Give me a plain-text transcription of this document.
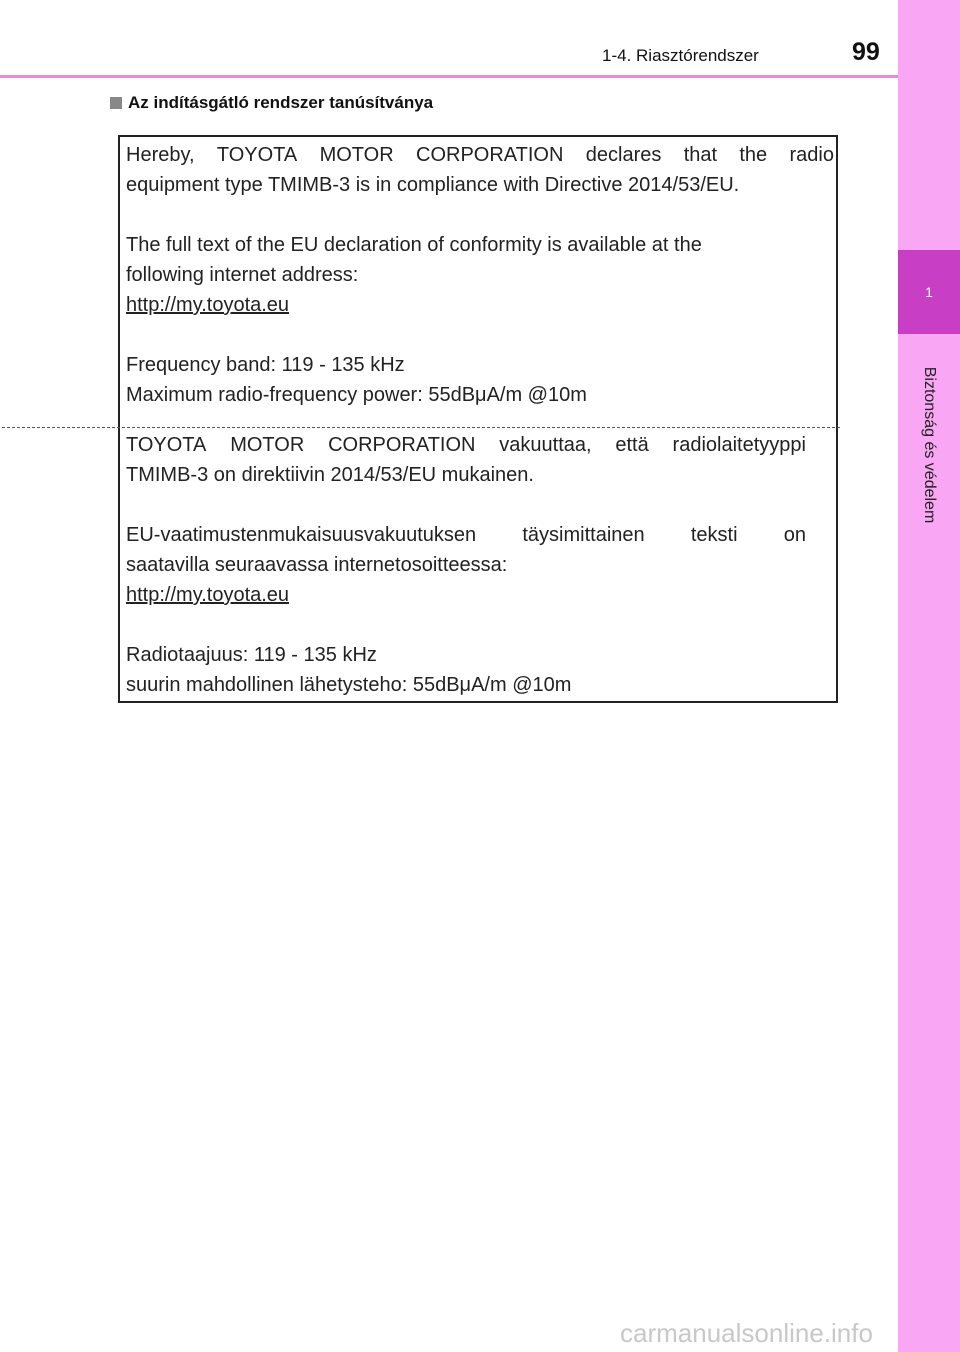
1
Biztonság és védelem
1-4. Riasztórendszer	99
Az indításgátló rendszer tanúsítványa
Hereby, TOYOTA MOTOR CORPORATION declares that the radio
equipment type TMIMB-3 is in compliance with Directive 2014/53/EU.
The full text of the EU declaration of conformity is available at the
following internet address:
http://my.toyota.eu
Frequency band: 119 - 135 kHz
Maximum radio-frequency power: 55dBμA/m @10m
TOYOTA MOTOR CORPORATION vakuuttaa, että radiolaitetyyppi
TMIMB-3 on direktiivin 2014/53/EU mukainen.
EU-vaatimustenmukaisuusvakuutuksen täysimittainen teksti on
saatavilla seuraavassa internetosoitteessa:
http://my.toyota.eu
Radiotaajuus: 119 - 135 kHz
suurin mahdollinen lähetysteho: 55dBμA/m @10m
carmanualsonline.info
